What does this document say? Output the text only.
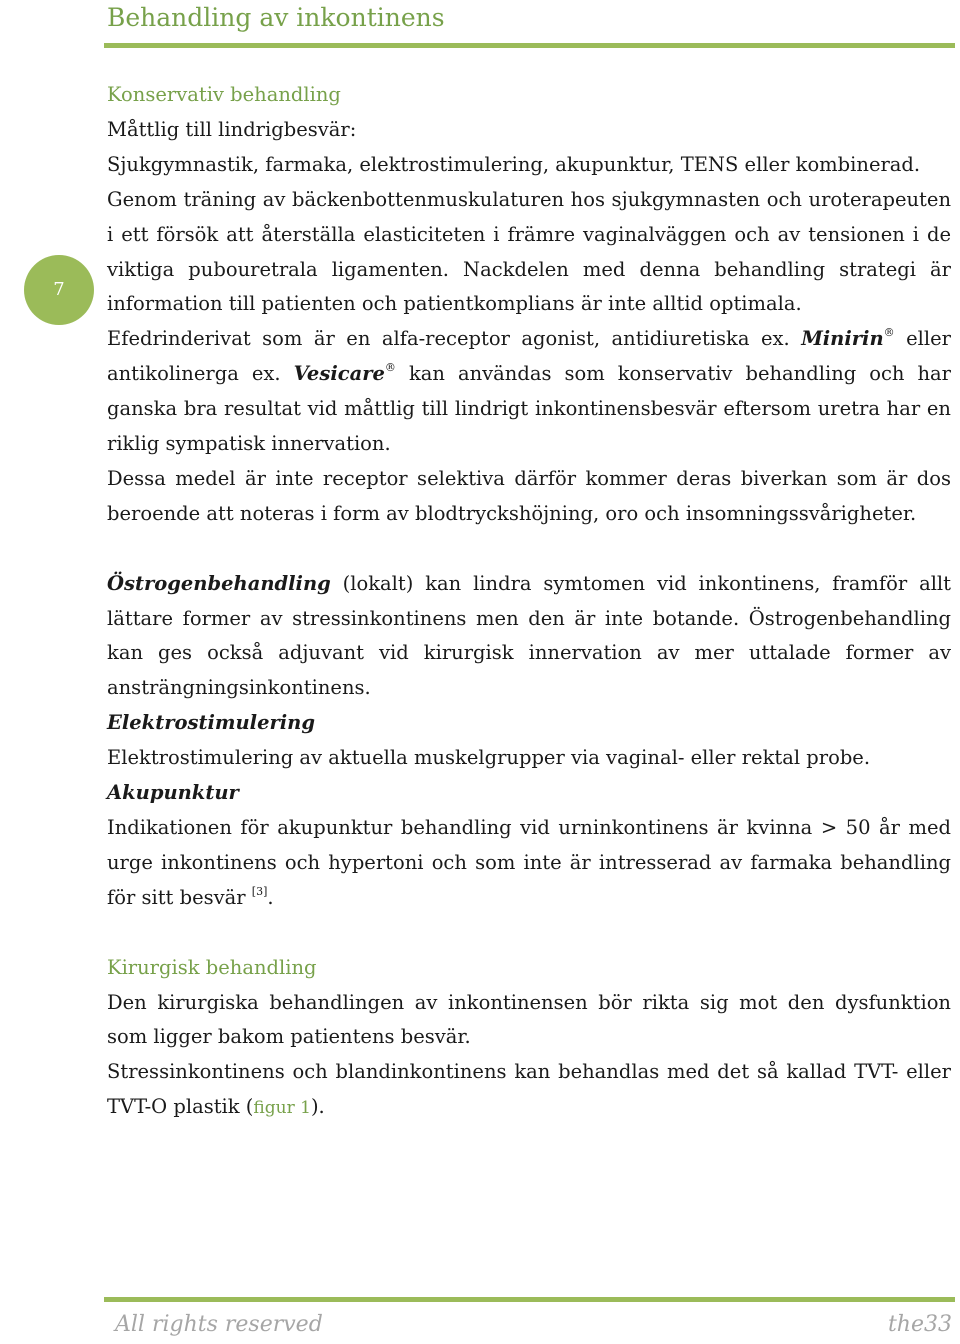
Behandling av inkontinens
7

Konservativ behandling

Måttlig till lindrigbesvär:

Sjukgymnastik, farmaka, elektrostimulering, akupunktur, TENS eller kombinerad.

Genom träning av bäckenbottenmuskulaturen hos sjukgymnasten och uroterapeuten i ett försök att återställa elasticiteten i främre vaginalväggen och av tensionen i de viktiga pubouretrala ligamenten. Nackdelen med denna behandling strategi är information till patienten och patientkomplians är inte alltid optimala.

Efedrinderivat som är en alfa-receptor agonist, antidiuretiska ex. Minirin® eller antikolinerga ex. Vesicare® kan användas som konservativ behandling och har ganska bra resultat vid måttlig till lindrigt inkontinensbesvär eftersom uretra har en riklig sympatisk innervation.

Dessa medel är inte receptor selektiva därför kommer deras biverkan som är dos beroende att noteras i form av blodtryckshöjning, oro och insomningssvårigheter.

Östrogenbehandling (lokalt) kan lindra symtomen vid inkontinens, framför allt lättare former av stressinkontinens men den är inte botande. Östrogenbehandling kan ges också adjuvant vid kirurgisk innervation av mer uttalade former av ansträngningsinkontinens.

Elektrostimulering

Elektrostimulering av aktuella muskelgrupper via vaginal- eller rektal probe.

Akupunktur

Indikationen för akupunktur behandling vid urninkontinens är kvinna > 50 år med urge inkontinens och hypertoni och som inte är intresserad av farmaka behandling för sitt besvär [3].

Kirurgisk behandling

Den kirurgiska behandlingen av inkontinensen bör rikta sig mot den dysfunktion som ligger bakom patientens besvär.

Stressinkontinens och blandinkontinens kan behandlas med det så kallad TVT- eller TVT-O plastik (figur 1).

All rights reserved	the33
